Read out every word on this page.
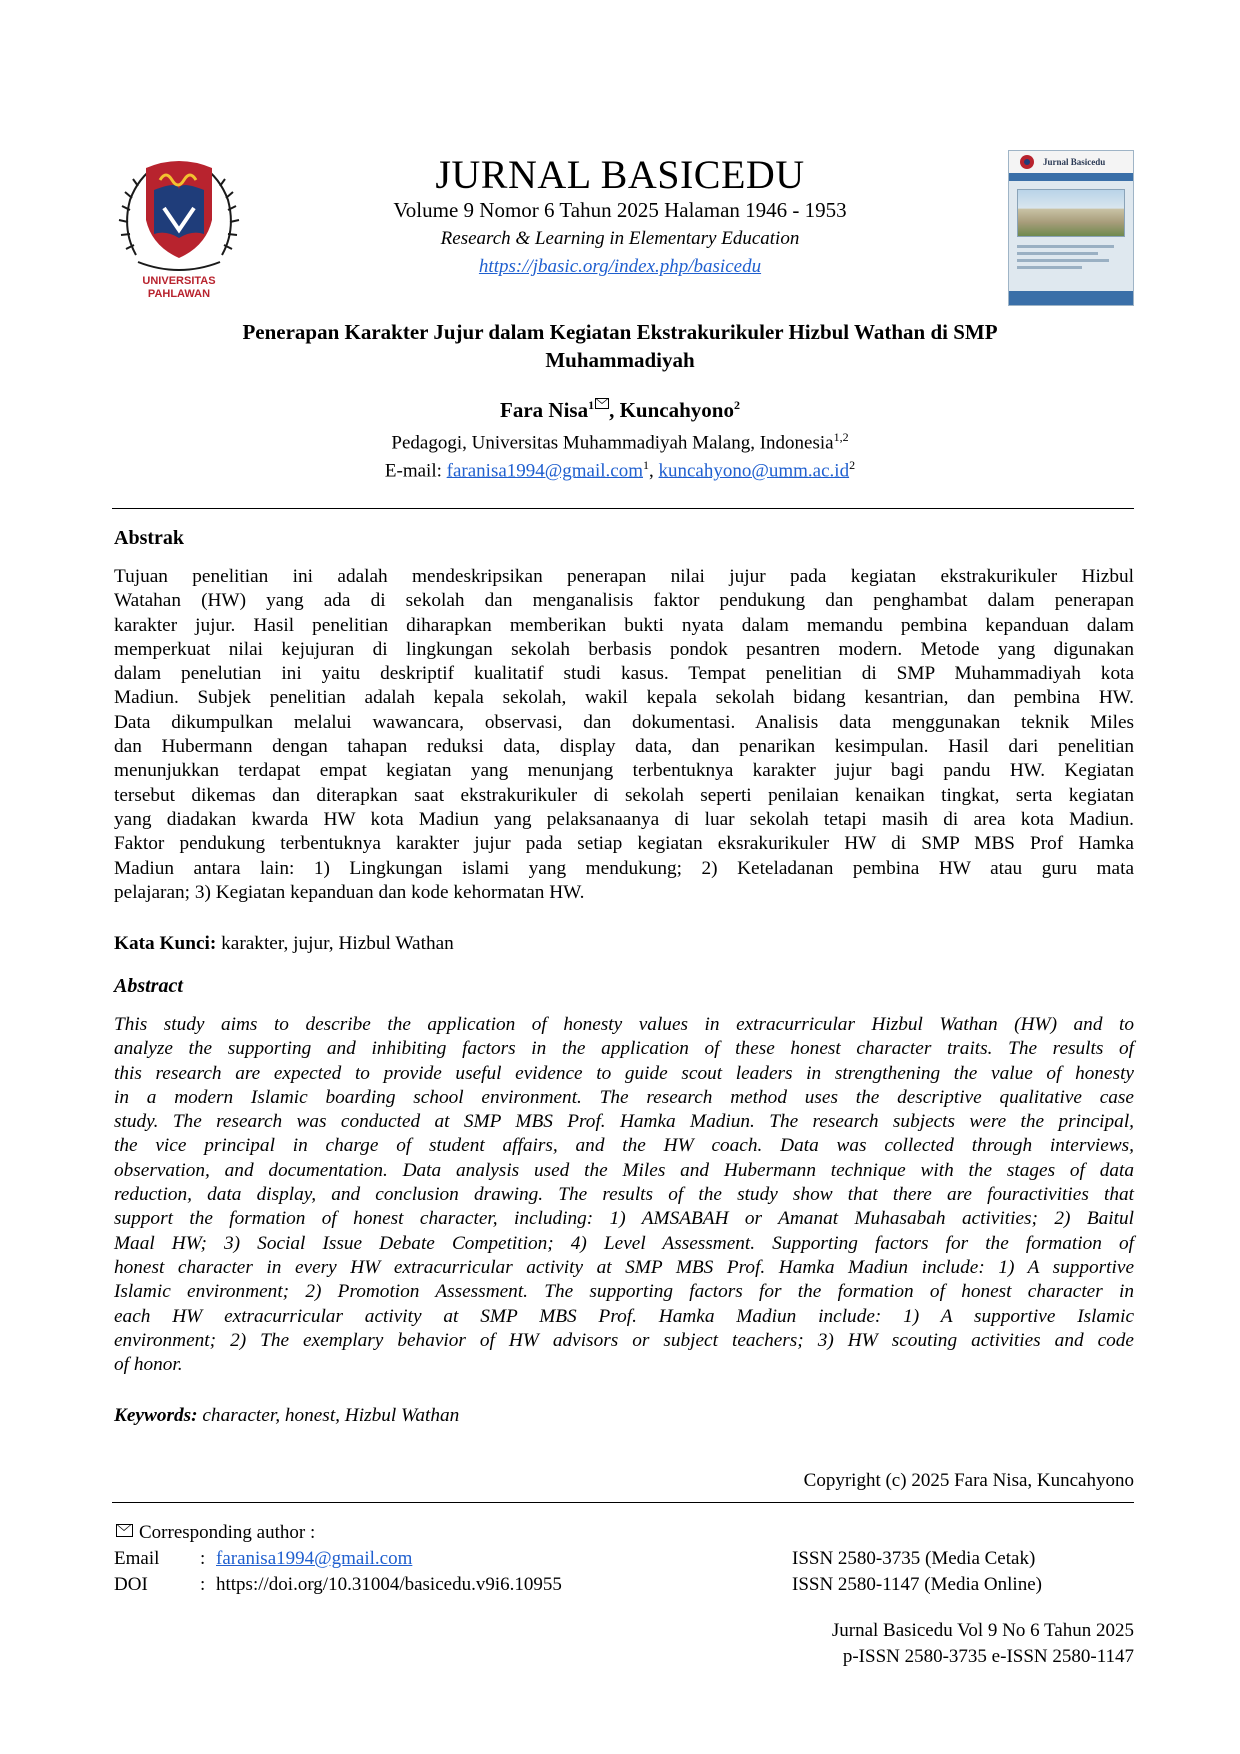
UNIVERSITAS
PAHLAWAN
JURNAL BASICEDU
Volume 9 Nomor 6 Tahun 2025 Halaman 1946 - 1953
Research & Learning in Elementary Education
https://jbasic.org/index.php/basicedu
Jurnal Basicedu
Penerapan Karakter Jujur dalam Kegiatan Ekstrakurikuler Hizbul Wathan di SMP
Muhammadiyah
Fara Nisa$^1$ , Kuncahyono$^2$
Pedagogi, Universitas Muhammadiyah Malang, Indonesia$^{1,2}$
E-mail: faranisa1994@gmail.com$^1$, $kuncahyono@umm.ac.id^2$
Abstrak
Tujuan penelitian ini adalah mendeskripsikan penerapan nilai jujur pada kegiatan ekstrakurikuler Hizbul
Watahan (HW) yang ada di sekolah dan menganalisis faktor pendukung dan penghambat dalam penerapan
karakter jujur. Hasil penelitian diharapkan memberikan bukti nyata dalam memandu pembina kepanduan dalam
memperkuat nilai kejujuran di lingkungan sekolah berbasis pondok pesantren modern. Metode yang digunakan
dalam penelutian ini yaitu deskriptif kualitatif studi kasus. Tempat penelitian di SMP Muhammadiyah kota
Madiun. Subjek penelitian adalah kepala sekolah, wakil kepala sekolah bidang kesantrian, dan pembina HW.
Data dikumpulkan melalui wawancara, observasi, dan dokumentasi. Analisis data menggunakan teknik Miles
dan Hubermann dengan tahapan reduksi data, display data, dan penarikan kesimpulan. Hasil dari penelitian
menunjukkan terdapat empat kegiatan yang menunjang terbentuknya karakter jujur bagi pandu HW. Kegiatan
tersebut dikemas dan diterapkan saat ekstrakurikuler di sekolah seperti penilaian kenaikan tingkat, serta kegiatan
yang diadakan kwarda HW kota Madiun yang pelaksanaanya di luar sekolah tetapi masih di area kota Madiun.
Faktor pendukung terbentuknya karakter jujur pada setiap kegiatan eksrakurikuler HW di SMP MBS Prof Hamka
Madiun antara lain: 1) Lingkungan islami yang mendukung; 2) Keteladanan pembina HW atau guru mata
pelajaran; 3) Kegiatan kepanduan dan kode kehormatan HW.
Kata Kunci: karakter, jujur, Hizbul Wathan
Abstract
This study aims to describe the application of honesty values in extracurricular Hizbul Wathan (HW) and to
analyze the supporting and inhibiting factors in the application of these honest character traits. The results of
this research are expected to provide useful evidence to guide scout leaders in strengthening the value of honesty
in a modern Islamic boarding school environment. The research method uses the descriptive qualitative case
study. The research was conducted at SMP MBS Prof. Hamka Madiun. The research subjects were the principal,
the vice principal in charge of student affairs, and the HW coach. Data was collected through interviews,
observation, and documentation. Data analysis used the Miles and Hubermann technique with the stages of data
reduction, data display, and conclusion drawing. The results of the study show that there are fouractivities that
support the formation of honest character, including: 1) AMSABAH or Amanat Muhasabah activities; 2) Baitul
Maal HW; 3) Social Issue Debate Competition; 4) Level Assessment. Supporting factors for the formation of
honest character in every HW extracurricular activity at SMP MBS Prof. Hamka Madiun include: 1) A supportive
Islamic environment; 2) Promotion Assessment. The supporting factors for the formation of honest character in
each HW extracurricular activity at SMP MBS Prof. Hamka Madiun include: 1) A supportive Islamic
environment; 2) The exemplary behavior of HW advisors or subject teachers; 3) HW scouting activities and code
of honor.
Keywords: character, honest, Hizbul Wathan
Copyright (c) 2025 Fara Nisa, Kuncahyono
Corresponding author :
Email : faranisa1994@gmail.com
DOI	: https://doi.org/10.31004/basicedu.v9i6.10955
ISSN 2580-3735 (Media Cetak)
ISSN 2580-1147 (Media Online)
Jurnal Basicedu Vol 9 No 6 Tahun 2025
p-ISSN 2580-3735 e-ISSN 2580-1147
